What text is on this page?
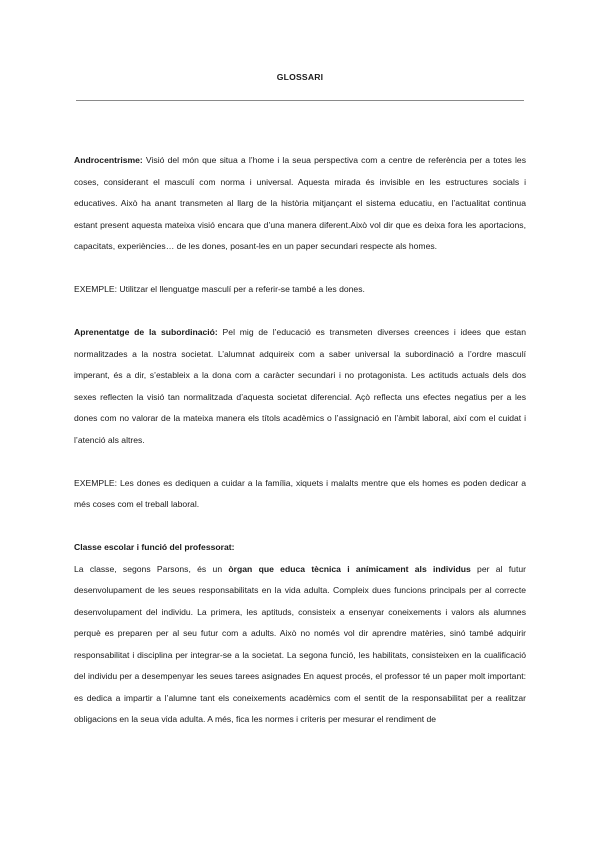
GLOSSARI

Androcentrisme: Visió del món que situa a l’home i la seua perspectiva com a centre de referència per a totes les coses, considerant el masculí com norma i universal. Aquesta mirada és invisible en les estructures socials i educatives. Això ha anant transmeten al llarg de la història mitjançant el sistema educatiu, en l’actualitat continua estant present aquesta mateixa visió encara que d’una manera diferent.Això vol dir que es deixa fora les aportacions, capacitats, experiències… de les dones, posant-les en un paper secundari respecte als homes.

EXEMPLE: Utilitzar el llenguatge masculí per a referir-se també a les dones.

Aprenentatge de la subordinació: Pel mig de l’educació es transmeten diverses creences i idees que estan normalitzades a la nostra societat. L’alumnat adquireix com a saber universal la subordinació a l’ordre masculí imperant, és a dir, s’estableix a la dona com a caràcter secundari i no protagonista. Les actituds actuals dels dos sexes reflecten la visió tan normalitzada d’aquesta societat diferencial. Açò reflecta uns efectes negatius per a les dones com no valorar de la mateixa manera els títols acadèmics o l’assignació en l’àmbit laboral, així com el cuidat i l’atenció als altres.

EXEMPLE: Les dones es dediquen a cuidar a la família, xiquets i malalts mentre que els homes es poden dedicar a més coses com el treball laboral.

Classe escolar i funció del professorat:

La classe, segons Parsons, és un òrgan que educa tècnica i anímicament als individus per al futur desenvolupament de les seues responsabilitats en la vida adulta. Compleix dues funcions principals per al correcte desenvolupament del individu. La primera, les aptituds, consisteix a ensenyar coneixements i valors als alumnes perquè es preparen per al seu futur com a adults. Això no només vol dir aprendre matèries, sinó també adquirir responsabilitat i disciplina per integrar-se a la societat. La segona funció, les habilitats, consisteixen en la cualificació del individu per a desempenyar les seues tarees asignades En aquest procés, el professor té un paper molt important: es dedica a impartir a l’alumne tant els coneixements acadèmics com el sentit de la responsabilitat per a realitzar obligacions en la seua vida adulta. A més, fica les normes i criteris per mesurar el rendiment de
